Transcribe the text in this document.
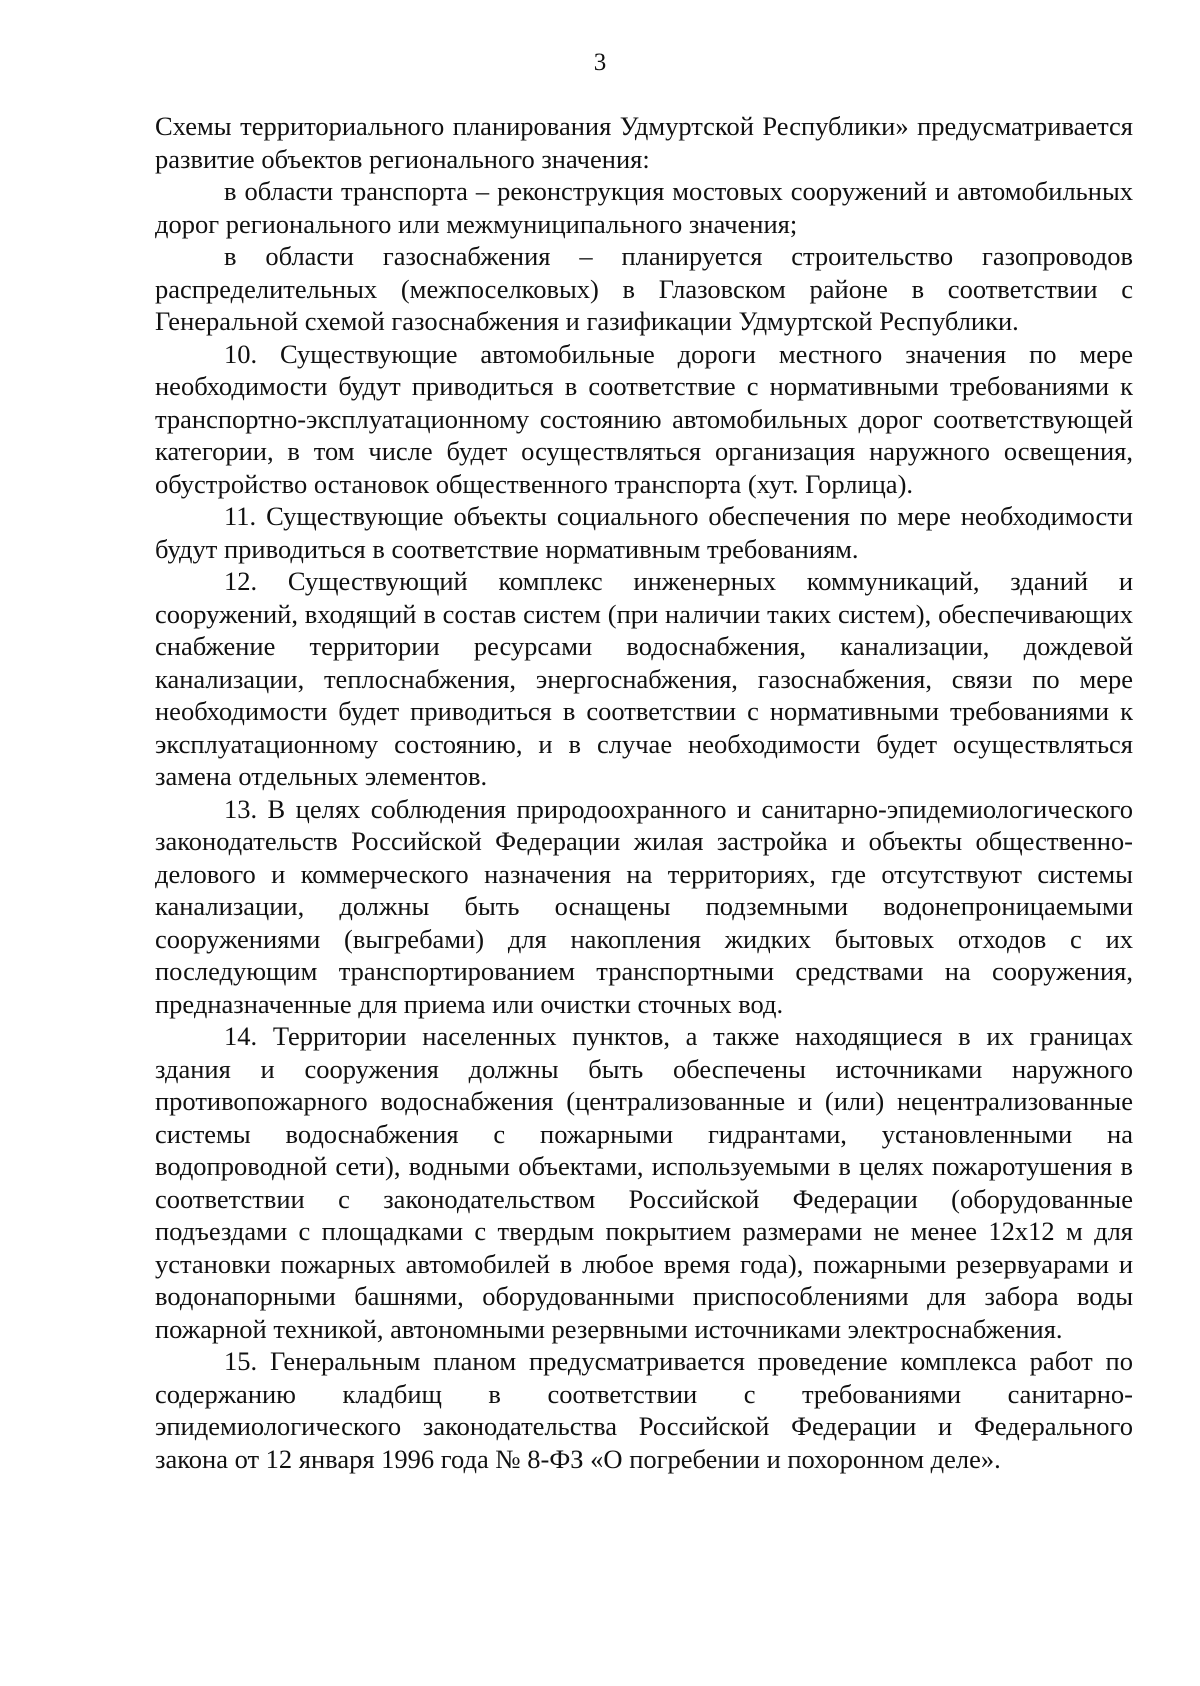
3

Схемы территориального планирования Удмуртской Республики» предусматривается развитие объектов регионального значения:

в области транспорта – реконструкция мостовых сооружений и автомобильных дорог регионального или межмуниципального значения;

в области газоснабжения – планируется строительство газопроводов распределительных (межпоселковых) в Глазовском районе в соответствии с Генеральной схемой газоснабжения и газификации Удмуртской Республики.

10. Существующие автомобильные дороги местного значения по мере необходимости будут приводиться в соответствие с нормативными требованиями к транспортно-эксплуатационному состоянию автомобильных дорог соответствующей категории, в том числе будет осуществляться организация наружного освещения, обустройство остановок общественного транспорта (хут. Горлица).

11. Существующие объекты социального обеспечения по мере необходимости будут приводиться в соответствие нормативным требованиям.

12. Существующий комплекс инженерных коммуникаций, зданий и сооружений, входящий в состав систем (при наличии таких систем), обеспечивающих снабжение территории ресурсами водоснабжения, канализации, дождевой канализации, теплоснабжения, энергоснабжения, газоснабжения, связи по мере необходимости будет приводиться в соответствии с нормативными требованиями к эксплуатационному состоянию, и в случае необходимости будет осуществляться замена отдельных элементов.

13. В целях соблюдения природоохранного и санитарно-эпидемиологического законодательств Российской Федерации жилая застройка и объекты общественно-делового и коммерческого назначения на территориях, где отсутствуют системы канализации, должны быть оснащены подземными водонепроницаемыми сооружениями (выгребами) для накопления жидких бытовых отходов с их последующим транспортированием транспортными средствами на сооружения, предназначенные для приема или очистки сточных вод.

14. Территории населенных пунктов, а также находящиеся в их границах здания и сооружения должны быть обеспечены источниками наружного противопожарного водоснабжения (централизованные и (или) нецентрализованные системы водоснабжения с пожарными гидрантами, установленными на водопроводной сети), водными объектами, используемыми в целях пожаротушения в соответствии с законодательством Российской Федерации (оборудованные подъездами с площадками с твердым покрытием размерами не менее 12х12 м для установки пожарных автомобилей в любое время года), пожарными резервуарами и водонапорными башнями, оборудованными приспособлениями для забора воды пожарной техникой, автономными резервными источниками электроснабжения.

15. Генеральным планом предусматривается проведение комплекса работ по содержанию кладбищ в соответствии с требованиями санитарно-эпидемиологического законодательства Российской Федерации и Федерального закона от 12 января 1996 года № 8-ФЗ «О погребении и похоронном деле».
